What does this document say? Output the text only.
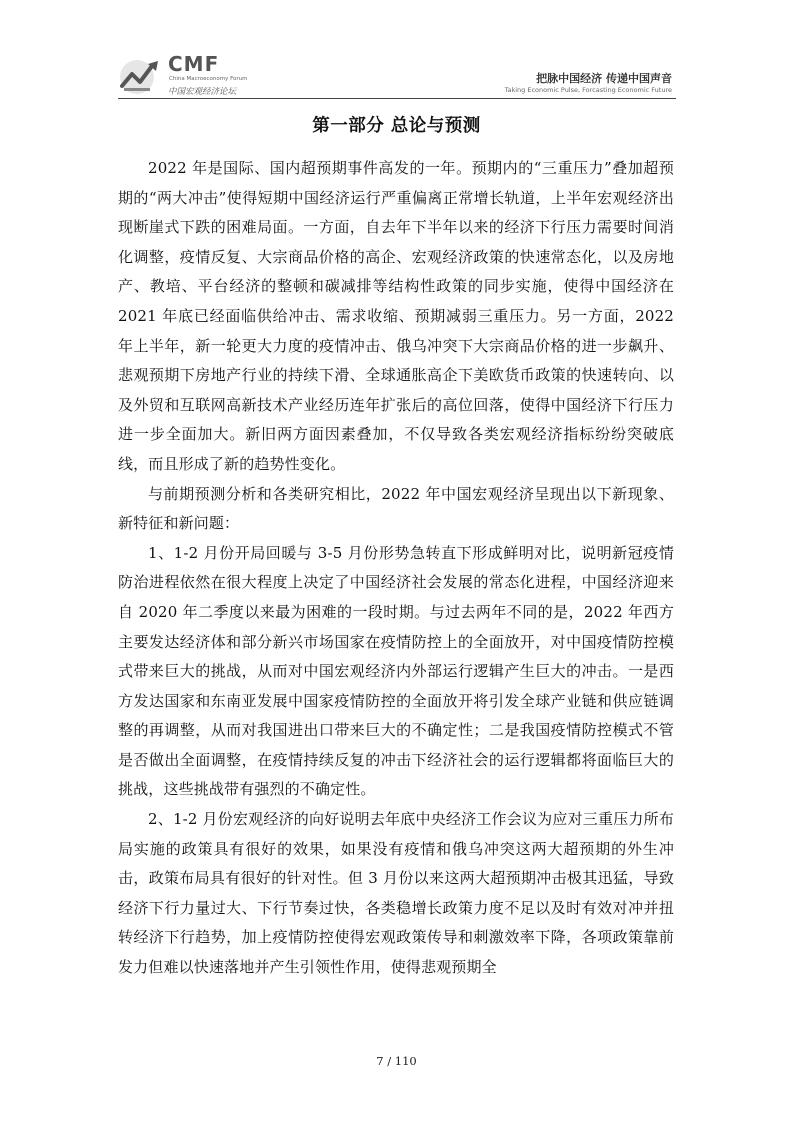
CMF
China Macroeconomy Forum
中国宏观经济论坛
把脉中国经济 传递中国声音
Taking Economic Pulse, Forcasting Economic Future
第一部分 总论与预测

2022 年是国际、国内超预期事件高发的一年。预期内的“三重压力”叠加超预期的“两大冲击”使得短期中国经济运行严重偏离正常增长轨道，上半年宏观经济出现断崖式下跌的困难局面。一方面，自去年下半年以来的经济下行压力需要时间消化调整，疫情反复、大宗商品价格的高企、宏观经济政策的快速常态化，以及房地产、教培、平台经济的整顿和碳减排等结构性政策的同步实施，使得中国经济在 2021 年底已经面临供给冲击、需求收缩、预期减弱三重压力。另一方面，2022 年上半年，新一轮更大力度的疫情冲击、俄乌冲突下大宗商品价格的进一步飙升、悲观预期下房地产行业的持续下滑、全球通胀高企下美欧货币政策的快速转向、以及外贸和互联网高新技术产业经历连年扩张后的高位回落，使得中国经济下行压力进一步全面加大。新旧两方面因素叠加，不仅导致各类宏观经济指标纷纷突破底线，而且形成了新的趋势性变化。

与前期预测分析和各类研究相比，2022 年中国宏观经济呈现出以下新现象、新特征和新问题：

1、1-2 月份开局回暖与 3-5 月份形势急转直下形成鲜明对比，说明新冠疫情防治进程依然在很大程度上决定了中国经济社会发展的常态化进程，中国经济迎来自 2020 年二季度以来最为困难的一段时期。与过去两年不同的是，2022 年西方主要发达经济体和部分新兴市场国家在疫情防控上的全面放开，对中国疫情防控模式带来巨大的挑战，从而对中国宏观经济内外部运行逻辑产生巨大的冲击。一是西方发达国家和东南亚发展中国家疫情防控的全面放开将引发全球产业链和供应链调整的再调整，从而对我国进出口带来巨大的不确定性；二是我国疫情防控模式不管是否做出全面调整，在疫情持续反复的冲击下经济社会的运行逻辑都将面临巨大的挑战，这些挑战带有强烈的不确定性。

2、1-2 月份宏观经济的向好说明去年底中央经济工作会议为应对三重压力所布局实施的政策具有很好的效果，如果没有疫情和俄乌冲突这两大超预期的外生冲击，政策布局具有很好的针对性。但 3 月份以来这两大超预期冲击极其迅猛，导致经济下行力量过大、下行节奏过快，各类稳增长政策力度不足以及时有效对冲并扭转经济下行趋势，加上疫情防控使得宏观政策传导和刺激效率下降，各项政策靠前发力但难以快速落地并产生引领性作用，使得悲观预期全

7 / 110
